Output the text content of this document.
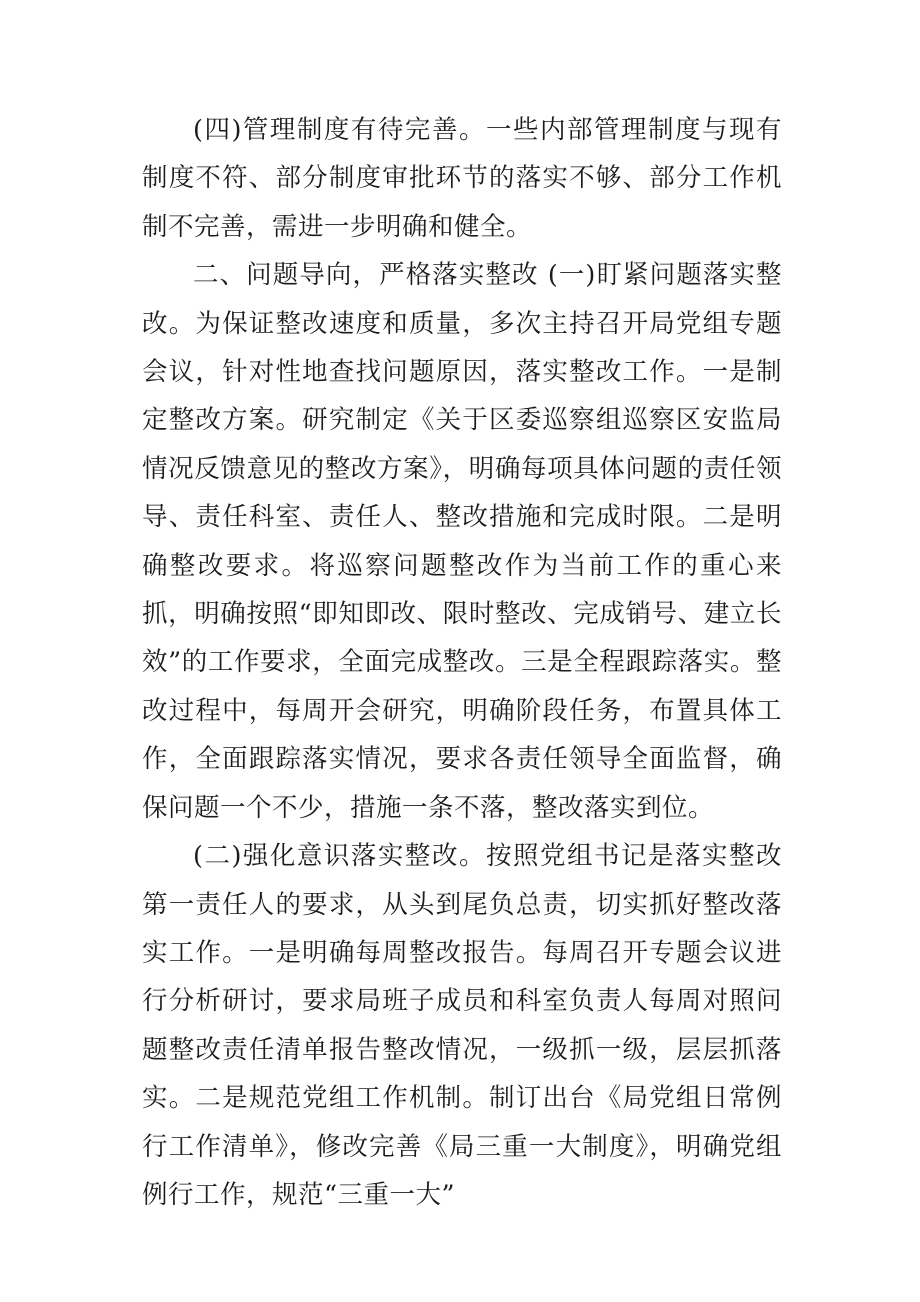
(四)管理制度有待完善。一些内部管理制度与现有制度不符、部分制度审批环节的落实不够、部分工作机制不完善，需进一步明确和健全。

二、问题导向，严格落实整改 (一)盯紧问题落实整改。为保证整改速度和质量，多次主持召开局党组专题会议，针对性地查找问题原因，落实整改工作。一是制定整改方案。研究制定《关于区委巡察组巡察区安监局情况反馈意见的整改方案》，明确每项具体问题的责任领导、责任科室、责任人、整改措施和完成时限。二是明确整改要求。将巡察问题整改作为当前工作的重心来抓，明确按照“即知即改、限时整改、完成销号、建立长效”的工作要求，全面完成整改。三是全程跟踪落实。整改过程中，每周开会研究，明确阶段任务，布置具体工作，全面跟踪落实情况，要求各责任领导全面监督，确保问题一个不少，措施一条不落，整改落实到位。

(二)强化意识落实整改。按照党组书记是落实整改第一责任人的要求，从头到尾负总责，切实抓好整改落实工作。一是明确每周整改报告。每周召开专题会议进行分析研讨，要求局班子成员和科室负责人每周对照问题整改责任清单报告整改情况，一级抓一级，层层抓落实。二是规范党组工作机制。制订出台《局党组日常例行工作清单》，修改完善《局三重一大制度》，明确党组例行工作，规范“三重一大”
